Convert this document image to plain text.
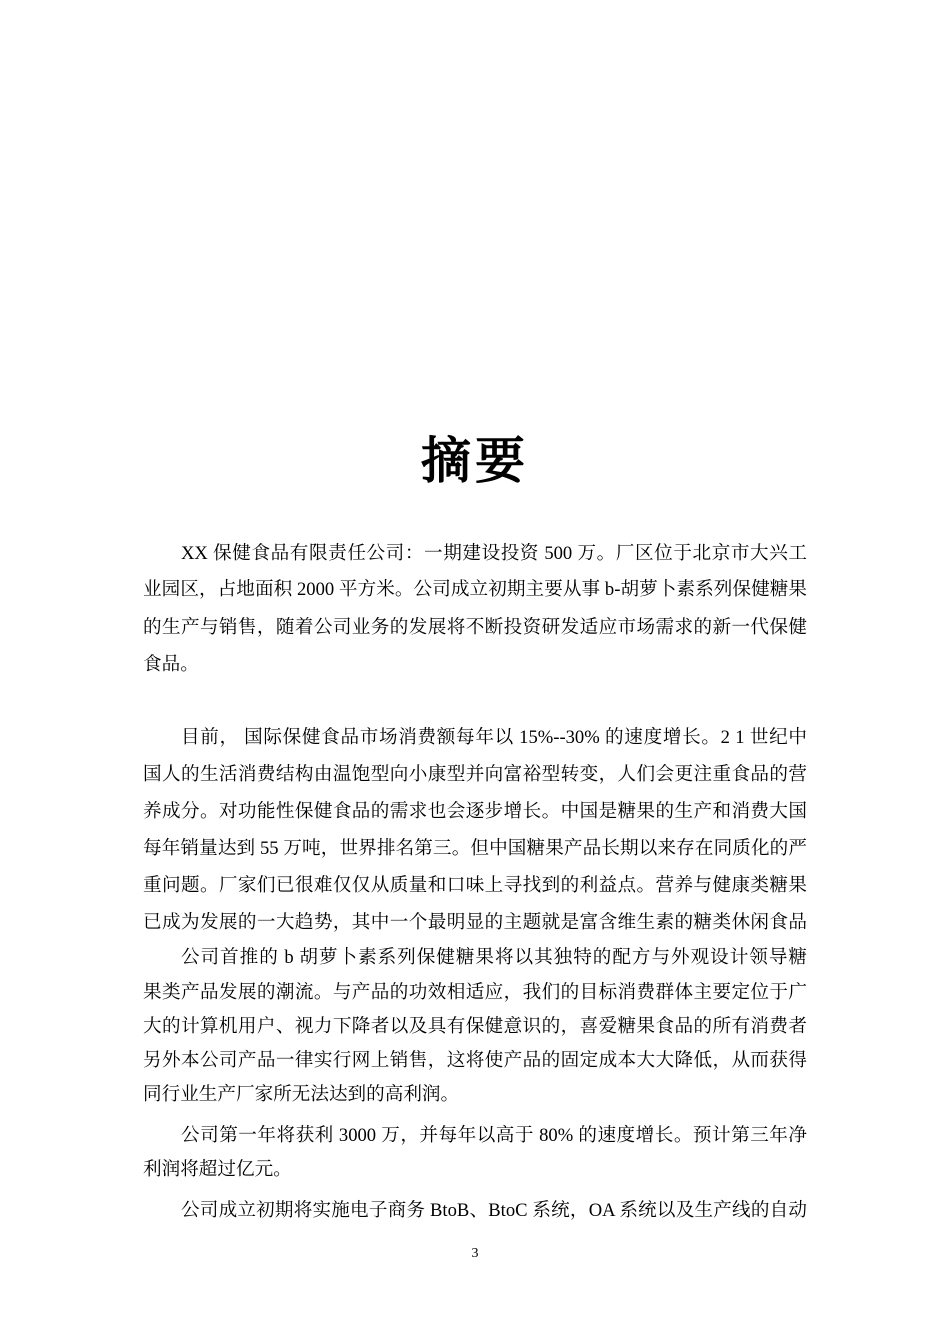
摘要
XX 保健食品有限责任公司：一期建设投资 500 万。厂区位于北京市大兴工
业园区，占地面积 2000 平方米。公司成立初期主要从事 b-胡萝卜素系列保健糖果
的生产与销售，随着公司业务的发展将不断投资研发适应市场需求的新一代保健
食品。
目前， 国际保健食品市场消费额每年以 15%--30% 的速度增长。2 1 世纪中
国人的生活消费结构由温饱型向小康型并向富裕型转变，人们会更注重食品的营
养成分。对功能性保健食品的需求也会逐步增长。中国是糖果的生产和消费大国
每年销量达到 55 万吨，世界排名第三。但中国糖果产品长期以来存在同质化的严
重问题。厂家们已很难仅仅从质量和口味上寻找到的利益点。营养与健康类糖果
已成为发展的一大趋势，其中一个最明显的主题就是富含维生素的糖类休闲食品
公司首推的 b 胡萝卜素系列保健糖果将以其独特的配方与外观设计领导糖
果类产品发展的潮流。与产品的功效相适应，我们的目标消费群体主要定位于广
大的计算机用户、视力下降者以及具有保健意识的，喜爱糖果食品的所有消费者
另外本公司产品一律实行网上销售，这将使产品的固定成本大大降低，从而获得
同行业生产厂家所无法达到的高利润。
公司第一年将获利 3000 万，并每年以高于 80% 的速度增长。预计第三年净
利润将超过亿元。
公司成立初期将实施电子商务 BtoB、BtoC 系统，OA 系统以及生产线的自动
3
